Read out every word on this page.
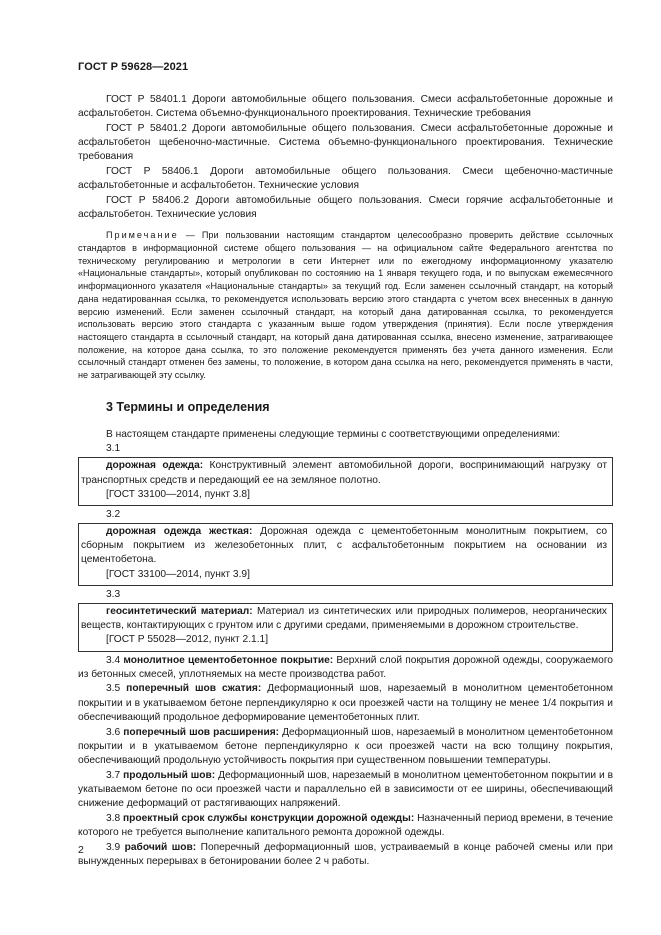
ГОСТ Р 59628—2021
ГОСТ Р 58401.1 Дороги автомобильные общего пользования. Смеси асфальтобетонные дорожные и асфальтобетон. Система объемно-функционального проектирования. Технические требования
ГОСТ Р 58401.2 Дороги автомобильные общего пользования. Смеси асфальтобетонные дорожные и асфальтобетон щебеночно-мастичные. Система объемно-функционального проектирования. Технические требования
ГОСТ Р 58406.1 Дороги автомобильные общего пользования. Смеси щебеночно-мастичные асфальтобетонные и асфальтобетон. Технические условия
ГОСТ Р 58406.2 Дороги автомобильные общего пользования. Смеси горячие асфальтобетонные и асфальтобетон. Технические условия
Примечание — При пользовании настоящим стандартом целесообразно проверить действие ссылочных стандартов в информационной системе общего пользования — на официальном сайте Федерального агентства по техническому регулированию и метрологии в сети Интернет или по ежегодному информационному указателю «Национальные стандарты», который опубликован по состоянию на 1 января текущего года, и по выпускам ежемесячного информационного указателя «Национальные стандарты» за текущий год. Если заменен ссылочный стандарт, на который дана недатированная ссылка, то рекомендуется использовать версию этого стандарта с учетом всех внесенных в данную версию изменений. Если заменен ссылочный стандарт, на который дана датированная ссылка, то рекомендуется использовать версию этого стандарта с указанным выше годом утверждения (принятия). Если после утверждения настоящего стандарта в ссылочный стандарт, на который дана датированная ссылка, внесено изменение, затрагивающее положение, на которое дана ссылка, то это положение рекомендуется применять без учета данного изменения. Если ссылочный стандарт отменен без замены, то положение, в котором дана ссылка на него, рекомендуется применять в части, не затрагивающей эту ссылку.
3 Термины и определения
В настоящем стандарте применены следующие термины с соответствующими определениями:
3.1
дорожная одежда: Конструктивный элемент автомобильной дороги, воспринимающий нагрузку от транспортных средств и передающий ее на земляное полотно.
[ГОСТ 33100—2014, пункт 3.8]
3.2
дорожная одежда жесткая: Дорожная одежда с цементобетонным монолитным покрытием, со сборным покрытием из железобетонных плит, с асфальтобетонным покрытием на основании из цементобетона.
[ГОСТ 33100—2014, пункт 3.9]
3.3
геосинтетический материал: Материал из синтетических или природных полимеров, неорганических веществ, контактирующих с грунтом или с другими средами, применяемыми в дорожном строительстве.
[ГОСТ Р 55028—2012, пункт 2.1.1]
3.4 монолитное цементобетонное покрытие: Верхний слой покрытия дорожной одежды, сооружаемого из бетонных смесей, уплотняемых на месте производства работ.
3.5 поперечный шов сжатия: Деформационный шов, нарезаемый в монолитном цементобетонном покрытии и в укатываемом бетоне перпендикулярно к оси проезжей части на толщину не менее 1/4 покрытия и обеспечивающий продольное деформирование цементобетонных плит.
3.6 поперечный шов расширения: Деформационный шов, нарезаемый в монолитном цементобетонном покрытии и в укатываемом бетоне перпендикулярно к оси проезжей части на всю толщину покрытия, обеспечивающий продольную устойчивость покрытия при существенном повышении температуры.
3.7 продольный шов: Деформационный шов, нарезаемый в монолитном цементобетонном покрытии и в укатываемом бетоне по оси проезжей части и параллельно ей в зависимости от ее ширины, обеспечивающий снижение деформаций от растягивающих напряжений.
3.8 проектный срок службы конструкции дорожной одежды: Назначенный период времени, в течение которого не требуется выполнение капитального ремонта дорожной одежды.
3.9 рабочий шов: Поперечный деформационный шов, устраиваемый в конце рабочей смены или при вынужденных перерывах в бетонировании более 2 ч работы.
2
